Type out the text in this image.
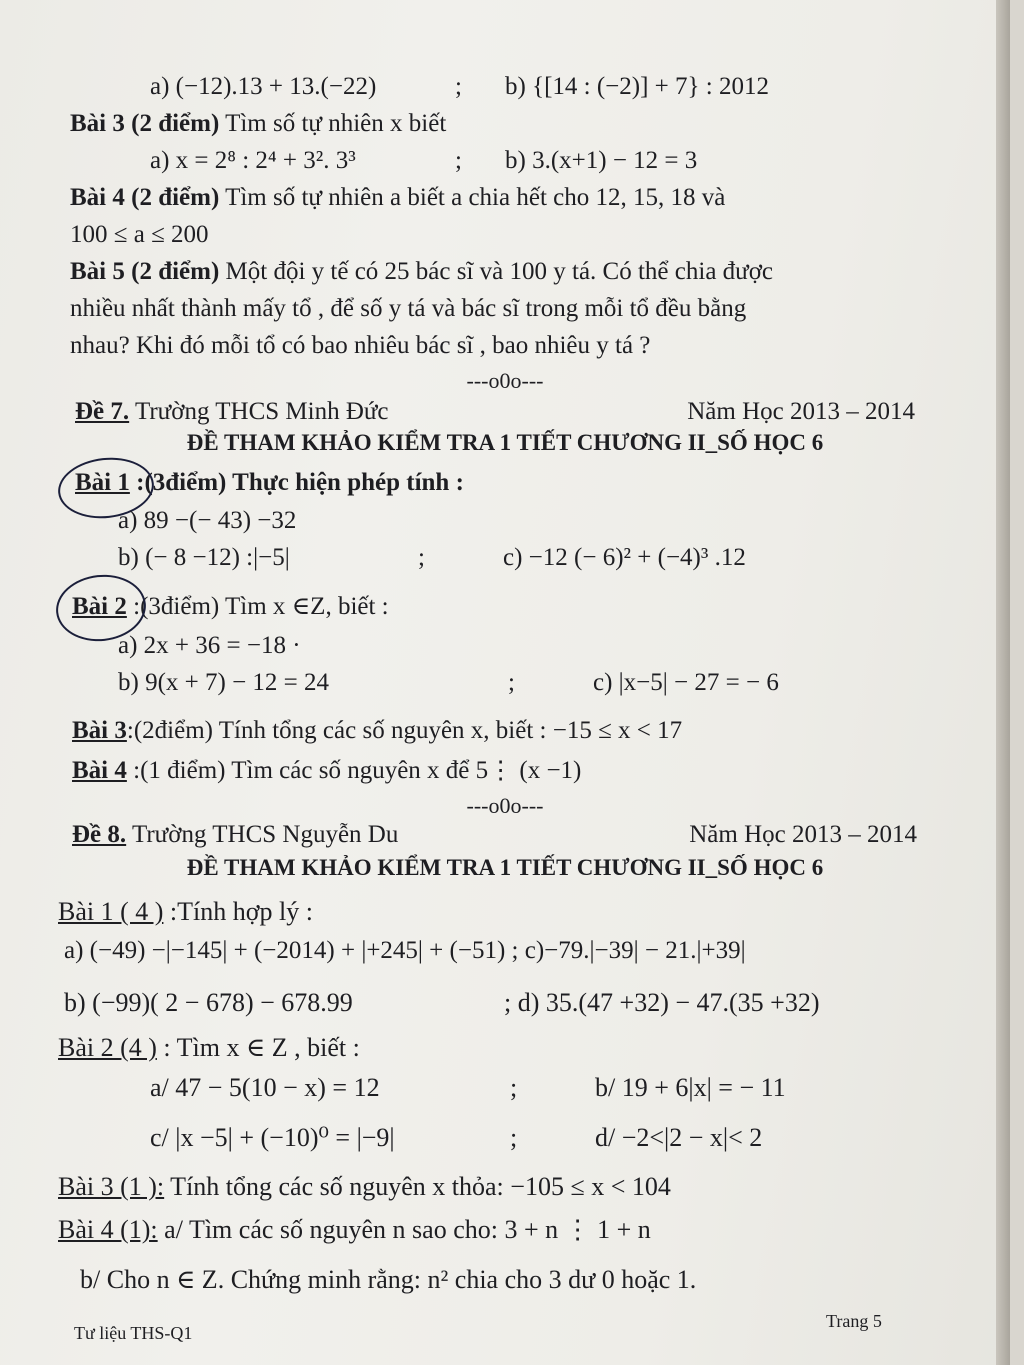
a) (−12).13 + 13.(−22)	; b) {[14 : (−2)] + 7} : 2012
Bài 3 (2 điểm) Tìm số tự nhiên x biết
a) x = 2⁸ : 2⁴ + 3². 3³	; b) 3.(x+1) − 12 = 3
Bài 4 (2 điểm) Tìm số tự nhiên a biết a chia hết cho 12, 15, 18 và
100 ≤ a ≤ 200
Bài 5 (2 điểm) Một đội y tế có 25 bác sĩ và 100 y tá. Có thể chia được
nhiều nhất thành mấy tổ , để số y tá và bác sĩ trong mỗi tổ đều bằng
nhau? Khi đó mỗi tổ có bao nhiêu bác sĩ , bao nhiêu y tá ?
---o0o---
Đề 7. Trường THCS Minh Đức	Năm Học 2013 – 2014
ĐỀ THAM KHẢO KIỂM TRA 1 TIẾT CHƯƠNG II_SỐ HỌC 6
Bài 1 :(3điểm) Thực hiện phép tính :
a) 89 −(− 43) −32
b) (− 8 −12) :|−5|	;	c) −12 (− 6)² + (−4)³ .12
Bài 2 :(3điểm) Tìm x ∈Z, biết :
a) 2x + 36 = −18 ·
b) 9(x + 7) − 12 = 24	;	c) |x−5| − 27 = − 6
Bài 3:(2điểm) Tính tổng các số nguyên x, biết : −15 ≤ x < 17
Bài 4 :(1 điểm) Tìm các số nguyên x để 5⋮ (x −1)
---o0o---
Đề 8. Trường THCS Nguyễn Du	Năm Học 2013 – 2014
ĐỀ THAM KHẢO KIỂM TRA 1 TIẾT CHƯƠNG II_SỐ HỌC 6
Bài 1 ( 4 ) :Tính hợp lý :
a) (−49) −|−145| + (−2014) + |+245| + (−51) ; c)−79.|−39| − 21.|+39|
b) (−99)( 2 − 678) − 678.99	; d) 35.(47 +32) − 47.(35 +32)
Bài 2 (4 ) : Tìm x ∈ Z , biết :
a/ 47 − 5(10 − x) = 12	;	b/ 19 + 6|x| = − 11
c/ |x −5| + (−10)⁰ = |−9|	;	d/ −2<|2 − x|< 2
Bài 3 (1 ): Tính tổng các số nguyên x thỏa: −105 ≤ x < 104
Bài 4 (1): a/ Tìm các số nguyên n sao cho: 3 + n ⋮ 1 + n
b/ Cho n ∈ Z. Chứng minh rằng: n² chia cho 3 dư 0 hoặc 1.
Tư liệu THS-Q1
Trang 5
